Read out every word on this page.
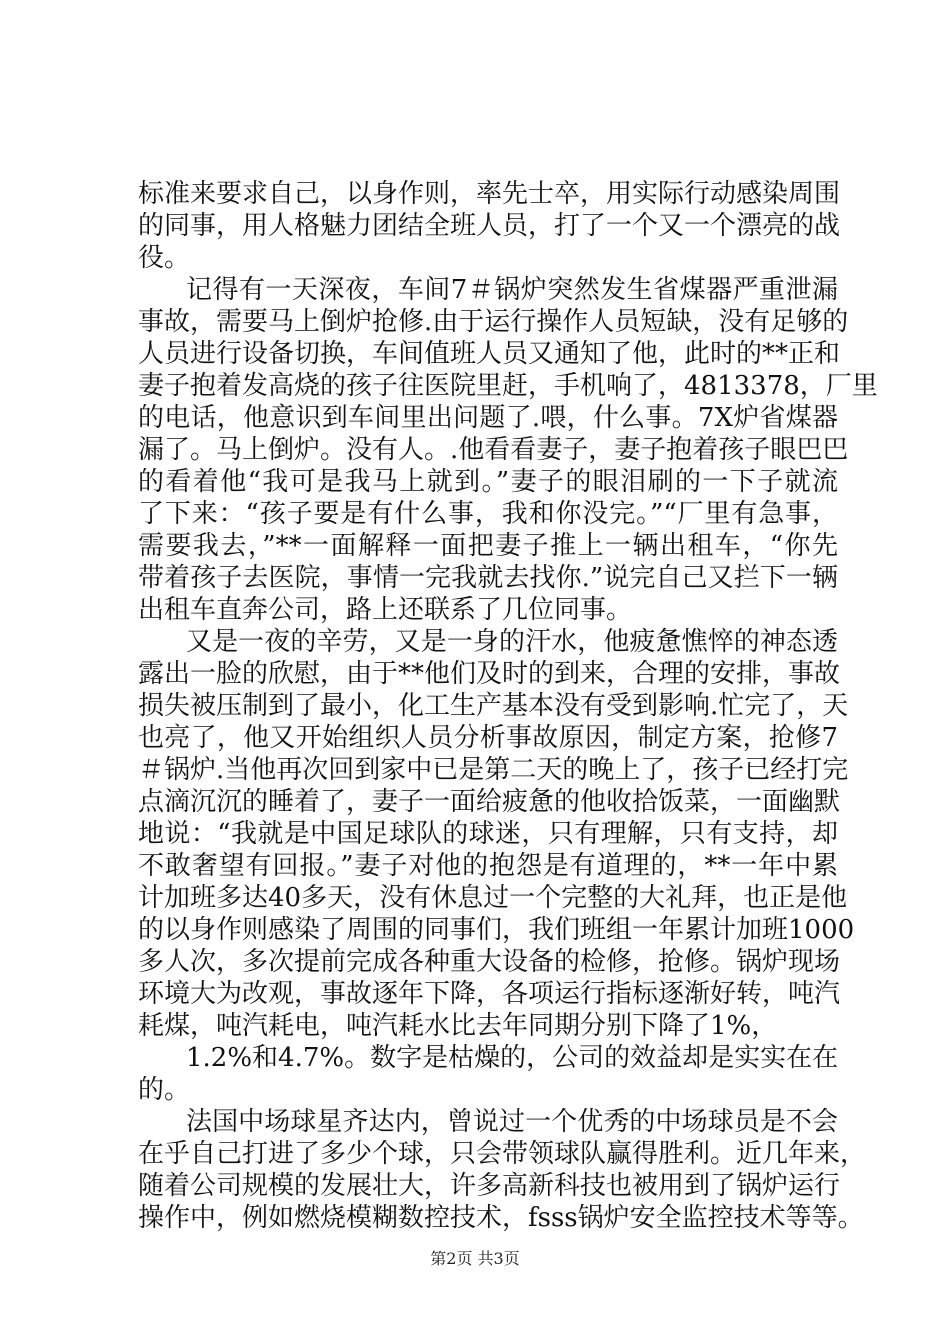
标准来要求自己，以身作则，率先士卒，用实际行动感染周围
的同事，用人格魅力团结全班人员，打了一个又一个漂亮的战
役。
记得有一天深夜，车间7＃锅炉突然发生省煤器严重泄漏
事故，需要马上倒炉抢修.由于运行操作人员短缺，没有足够的
人员进行设备切换，车间值班人员又通知了他，此时的**正和
妻子抱着发高烧的孩子往医院里赶，手机响了，4813378，厂里
的电话，他意识到车间里出问题了.喂，什么事。7X炉省煤器
漏了。马上倒炉。没有人。.他看看妻子，妻子抱着孩子眼巴巴
的看着他“我可是我马上就到。”妻子的眼泪刷的一下子就流
了下来：“孩子要是有什么事，我和你没完。”“厂里有急事，
需要我去，”**一面解释一面把妻子推上一辆出租车，“你先
带着孩子去医院，事情一完我就去找你.”说完自己又拦下一辆
出租车直奔公司，路上还联系了几位同事。
又是一夜的辛劳，又是一身的汗水，他疲惫憔悴的神态透
露出一脸的欣慰，由于**他们及时的到来，合理的安排，事故
损失被压制到了最小，化工生产基本没有受到影响.忙完了，天
也亮了，他又开始组织人员分析事故原因，制定方案，抢修7
＃锅炉.当他再次回到家中已是第二天的晚上了，孩子已经打完
点滴沉沉的睡着了，妻子一面给疲惫的他收拾饭菜，一面幽默
地说：“我就是中国足球队的球迷，只有理解，只有支持，却
不敢奢望有回报。”妻子对他的抱怨是有道理的，**一年中累
计加班多达40多天，没有休息过一个完整的大礼拜，也正是他
的以身作则感染了周围的同事们，我们班组一年累计加班1000
多人次，多次提前完成各种重大设备的检修，抢修。锅炉现场
环境大为改观，事故逐年下降，各项运行指标逐渐好转，吨汽
耗煤，吨汽耗电，吨汽耗水比去年同期分别下降了1%，
1.2%和4.7%。数字是枯燥的，公司的效益却是实实在在
的。
法国中场球星齐达内，曾说过一个优秀的中场球员是不会
在乎自己打进了多少个球，只会带领球队赢得胜利。近几年来，
随着公司规模的发展壮大，许多高新科技也被用到了锅炉运行
操作中，例如燃烧模糊数控技术，fsss锅炉安全监控技术等等。
第2页 共3页
